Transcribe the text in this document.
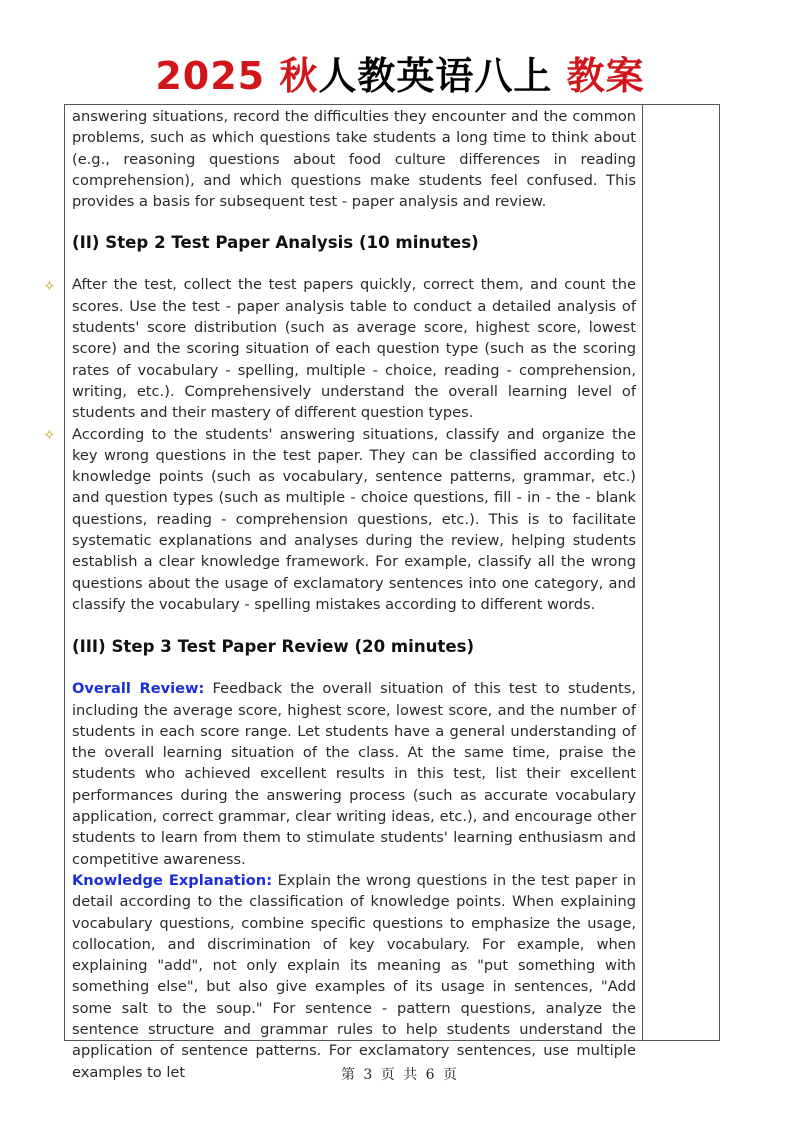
2025 秋人教英语八上 教案
✧
✧

answering situations, record the difficulties they encounter and the common problems, such as which questions take students a long time to think about (e.g., reasoning questions about food culture differences in reading comprehension), and which questions make students feel confused. This provides a basis for subsequent test - paper analysis and review.

(II) Step 2 Test Paper Analysis (10 minutes)

After the test, collect the test papers quickly, correct them, and count the scores. Use the test - paper analysis table to conduct a detailed analysis of students' score distribution (such as average score, highest score, lowest score) and the scoring situation of each question type (such as the scoring rates of vocabulary - spelling, multiple - choice, reading - comprehension, writing, etc.). Comprehensively understand the overall learning level of students and their mastery of different question types.

According to the students' answering situations, classify and organize the key wrong questions in the test paper. They can be classified according to knowledge points (such as vocabulary, sentence patterns, grammar, etc.) and question types (such as multiple - choice questions, fill - in - the - blank questions, reading - comprehension questions, etc.). This is to facilitate systematic explanations and analyses during the review, helping students establish a clear knowledge framework. For example, classify all the wrong questions about the usage of exclamatory sentences into one category, and classify the vocabulary - spelling mistakes according to different words.

(III) Step 3 Test Paper Review (20 minutes)

Overall Review: Feedback the overall situation of this test to students, including the average score, highest score, lowest score, and the number of students in each score range. Let students have a general understanding of the overall learning situation of the class. At the same time, praise the students who achieved excellent results in this test, list their excellent performances during the answering process (such as accurate vocabulary application, correct grammar, clear writing ideas, etc.), and encourage other students to learn from them to stimulate students' learning enthusiasm and competitive awareness.

Knowledge Explanation: Explain the wrong questions in the test paper in detail according to the classification of knowledge points. When explaining vocabulary questions, combine specific questions to emphasize the usage, collocation, and discrimination of key vocabulary. For example, when explaining "add", not only explain its meaning as "put something with something else", but also give examples of its usage in sentences, "Add some salt to the soup." For sentence - pattern questions, analyze the sentence structure and grammar rules to help students understand the application of sentence patterns. For exclamatory sentences, use multiple examples to let	第 3 页 共 6 页
